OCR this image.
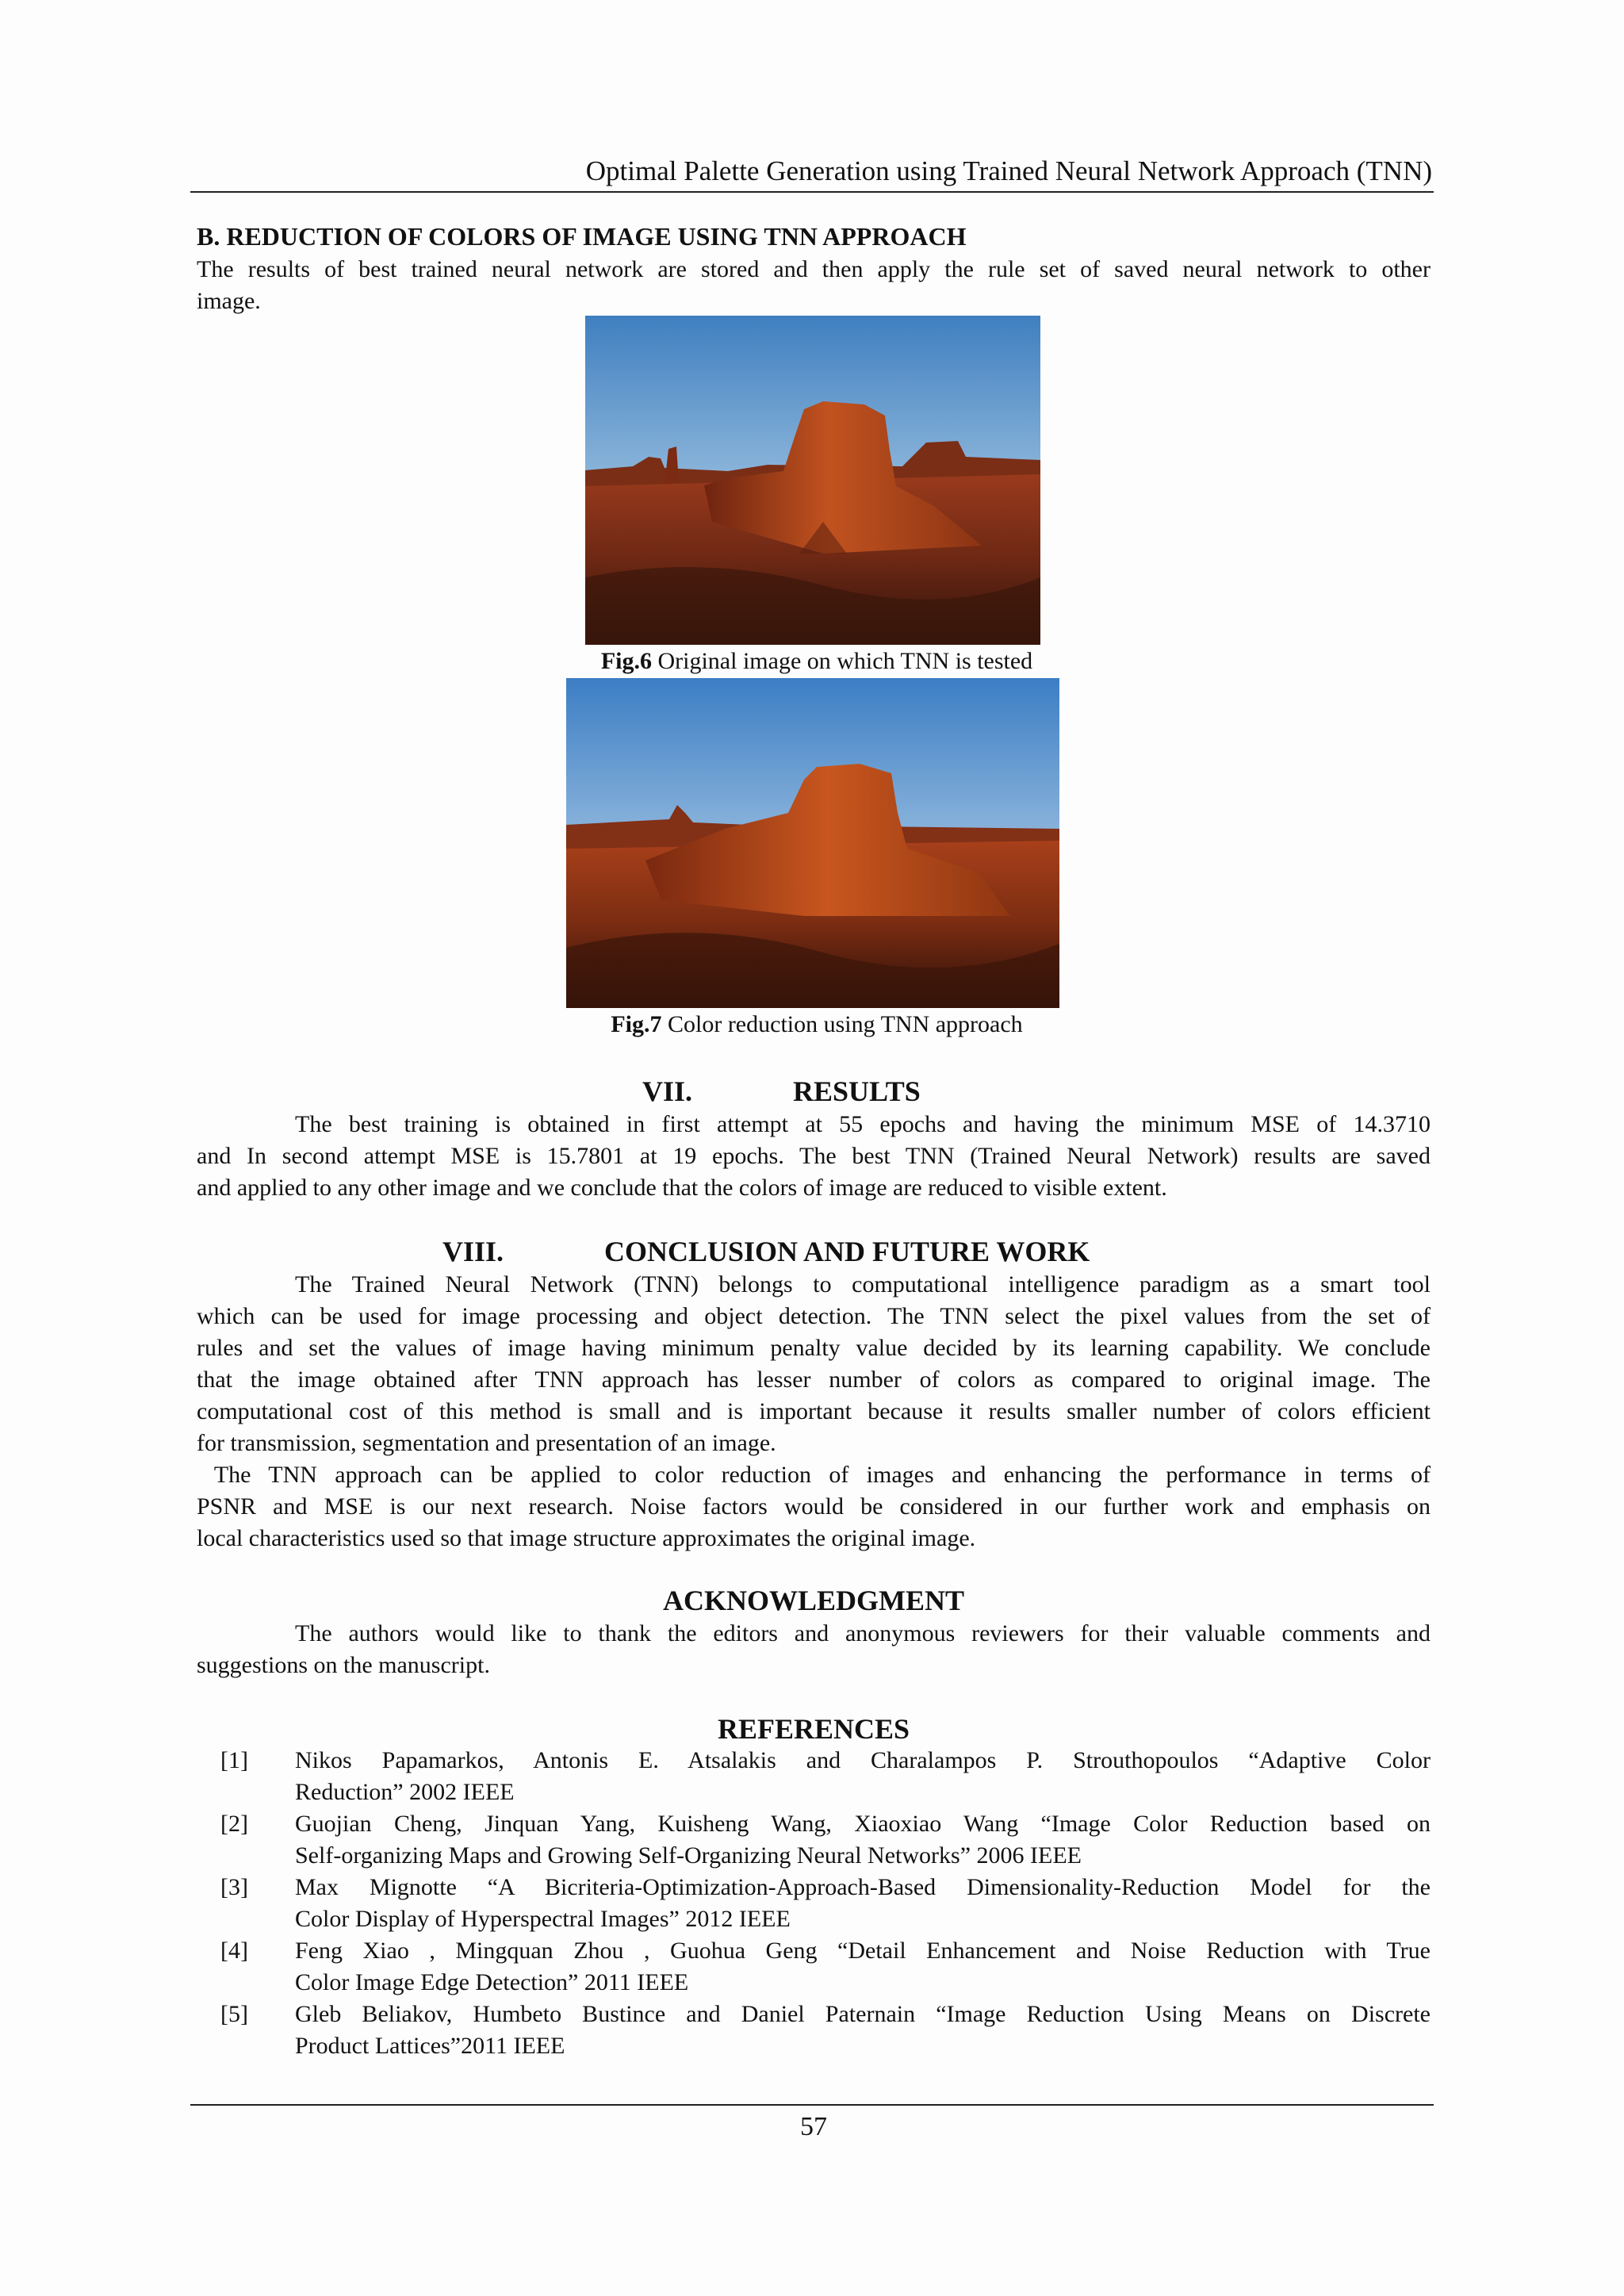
Optimal Palette Generation using Trained Neural Network Approach (TNN)
B. REDUCTION OF COLORS OF IMAGE USING TNN APPROACH
The results of best trained neural network are stored and then apply the rule set of saved neural network to other
image.
Fig.6 Original image on which TNN is tested
Fig.7 Color reduction using TNN approach
VII.	RESULTS
The best training is obtained in first attempt at 55 epochs and having the minimum MSE of 14.3710
and In second attempt MSE is 15.7801 at 19 epochs. The best TNN (Trained Neural Network) results are saved
and applied to any other image and we conclude that the colors of image are reduced to visible extent.
VIII.	CONCLUSION AND FUTURE WORK
The Trained Neural Network (TNN) belongs to computational intelligence paradigm as a smart tool
which can be used for image processing and object detection. The TNN select the pixel values from the set of
rules and set the values of image having minimum penalty value decided by its learning capability. We conclude
that the image obtained after TNN approach has lesser number of colors as compared to original image. The
computational cost of this method is small and is important because it results smaller number of colors efficient
for transmission, segmentation and presentation of an image.
The TNN approach can be applied to color reduction of images and enhancing the performance in terms of
PSNR and MSE is our next research. Noise factors would be considered in our further work and emphasis on
local characteristics used so that image structure approximates the original image.
ACKNOWLEDGMENT
The authors would like to thank the editors and anonymous reviewers for their valuable comments and
suggestions on the manuscript.
REFERENCES
[1]	Nikos Papamarkos, Antonis E. Atsalakis and Charalampos P. Strouthopoulos “Adaptive Color
Reduction” 2002 IEEE
[2]	Guojian Cheng, Jinquan Yang, Kuisheng Wang, Xiaoxiao Wang “Image Color Reduction based on
Self-organizing Maps and Growing Self-Organizing Neural Networks” 2006 IEEE
[3]	Max Mignotte “A Bicriteria-Optimization-Approach-Based Dimensionality-Reduction Model for the
Color Display of Hyperspectral Images” 2012 IEEE
[4]	Feng Xiao , Mingquan Zhou , Guohua Geng “Detail Enhancement and Noise Reduction with True
Color Image Edge Detection” 2011 IEEE
[5]	Gleb Beliakov, Humbeto Bustince and Daniel Paternain “Image Reduction Using Means on Discrete
Product Lattices”2011 IEEE
57
